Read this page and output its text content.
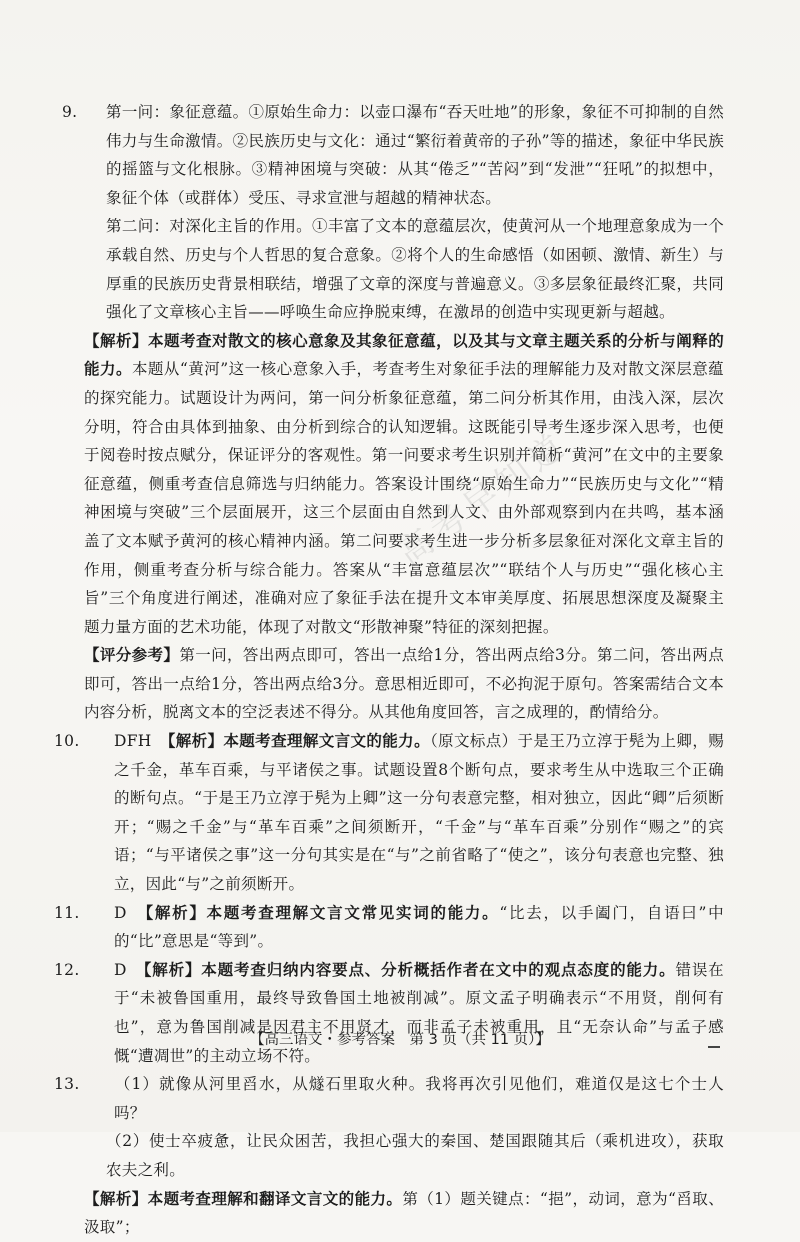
高考早知道
9. 第一问：象征意蕴。①原始生命力：以壶口瀑布“吞天吐地”的形象，象征不可抑制的自然伟力与生命激情。②民族历史与文化：通过“繁衍着黄帝的子孙”等的描述，象征中华民族的摇篮与文化根脉。③精神困境与突破：从其“倦乏”“苦闷”到“发泄”“狂吼”的拟想中，象征个体（或群体）受压、寻求宣泄与超越的精神状态。
第二问：对深化主旨的作用。①丰富了文本的意蕴层次，使黄河从一个地理意象成为一个承载自然、历史与个人哲思的复合意象。②将个人的生命感悟（如困顿、激情、新生）与厚重的民族历史背景相联结，增强了文章的深度与普遍意义。③多层象征最终汇聚，共同强化了文章核心主旨——呼唤生命应挣脱束缚，在激昂的创造中实现更新与超越。
【解析】本题考查对散文的核心意象及其象征意蕴，以及其与文章主题关系的分析与阐释的能力。本题从“黄河”这一核心意象入手，考查考生对象征手法的理解能力及对散文深层意蕴的探究能力。试题设计为两问，第一问分析象征意蕴，第二问分析其作用，由浅入深，层次分明，符合由具体到抽象、由分析到综合的认知逻辑。这既能引导考生逐步深入思考，也便于阅卷时按点赋分，保证评分的客观性。第一问要求考生识别并简析“黄河”在文中的主要象征意蕴，侧重考查信息筛选与归纳能力。答案设计围绕“原始生命力”“民族历史与文化”“精神困境与突破”三个层面展开，这三个层面由自然到人文、由外部观察到内在共鸣，基本涵盖了文本赋予黄河的核心精神内涵。第二问要求考生进一步分析多层象征对深化文章主旨的作用，侧重考查分析与综合能力。答案从“丰富意蕴层次”“联结个人与历史”“强化核心主旨”三个角度进行阐述，准确对应了象征手法在提升文本审美厚度、拓展思想深度及凝聚主题力量方面的艺术功能，体现了对散文“形散神聚”特征的深刻把握。
【评分参考】第一问，答出两点即可，答出一点给1分，答出两点给3分。第二问，答出两点即可，答出一点给1分，答出两点给3分。意思相近即可，不必拘泥于原句。答案需结合文本内容分析，脱离文本的空泛表述不得分。从其他角度回答，言之成理的，酌情给分。
10. DFH　 【解析】本题考查理解文言文的能力。（原文标点）于是王乃立淳于髡为上卿，赐之千金，革车百乘，与平诸侯之事。试题设置8个断句点，要求考生从中选取三个正确的断句点。“于是王乃立淳于髡为上卿”这一分句表意完整，相对独立，因此“卿”后须断开；“赐之千金”与“革车百乘”之间须断开，“千金”与“革车百乘”分别作“赐之”的宾语；“与平诸侯之事”这一分句其实是在“与”之前省略了“使之”，该分句表意也完整、独立，因此“与”之前须断开。
11. D　 【解析】本题考查理解文言文常见实词的能力。“比去，以手阖门，自语曰”中的“比”意思是“等到”。
12. D　 【解析】本题考查归纳内容要点、分析概括作者在文中的观点态度的能力。错误在于“未被鲁国重用，最终导致鲁国土地被削减”。原文孟子明确表示“不用贤，削何有也”，意为鲁国削减是因君主不用贤才，而非孟子未被重用，且“无奈认命”与孟子感慨“遭凋世”的主动立场不符。
13. （1）就像从河里舀水，从燧石里取火种。我将再次引见他们，难道仅是这七个士人吗？
（2）使士卒疲惫，让民众困苦，我担心强大的秦国、楚国跟随其后（乘机进攻），获取农夫之利。
【解析】本题考查理解和翻译文言文的能力。第（1）题关键点：“挹”，动词，意为“舀取、汲取”；
【高三语文・参考答案　第 3 页（共 11 页）】
